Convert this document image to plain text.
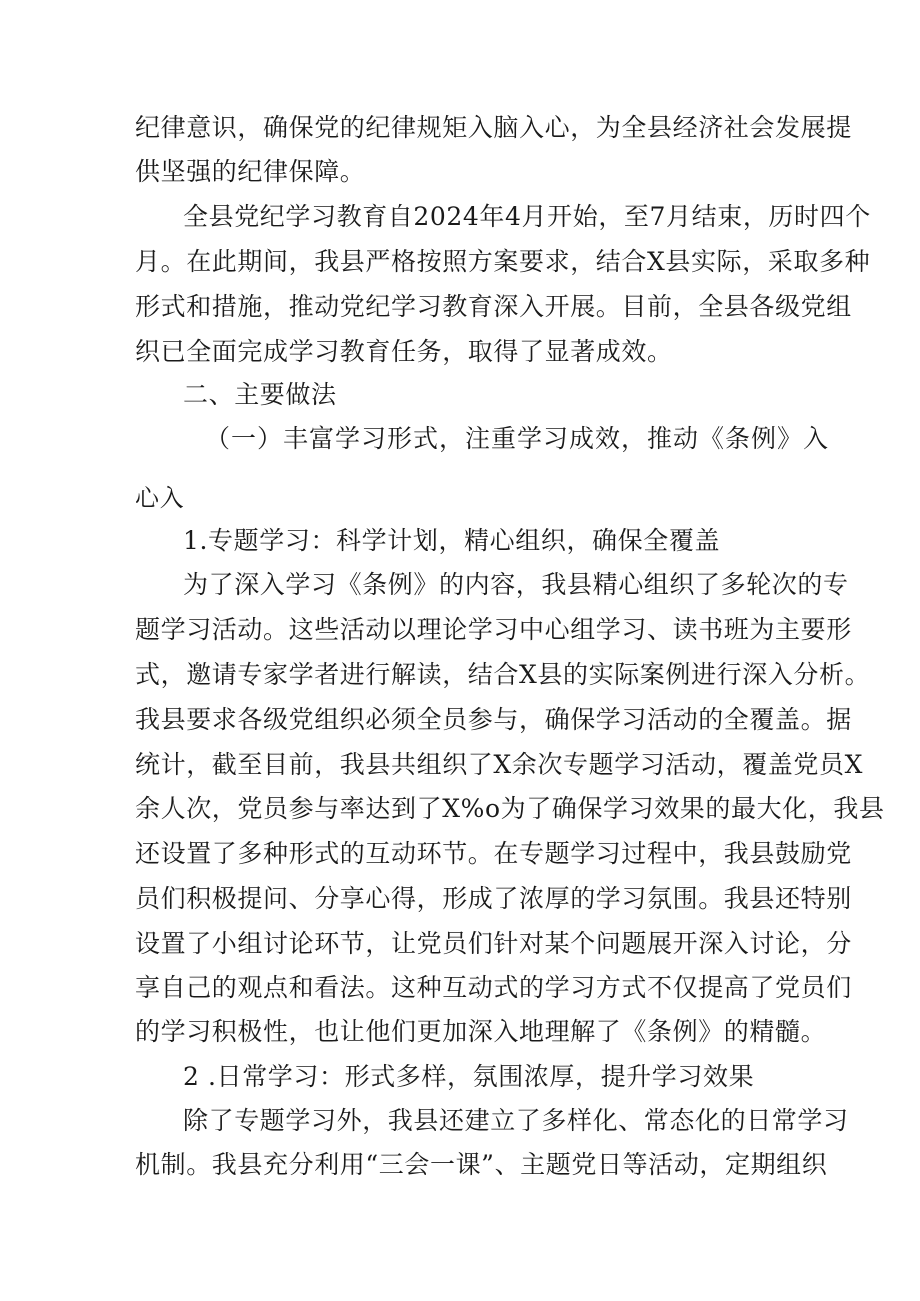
纪律意识，确保党的纪律规矩入脑入心，为全县经济社会发展提
供坚强的纪律保障。
全县党纪学习教育自2024年4月开始，至7月结束，历时四个
月。在此期间，我县严格按照方案要求，结合X县实际，采取多种
形式和措施，推动党纪学习教育深入开展。目前，全县各级党组
织已全面完成学习教育任务，取得了显著成效。
二、主要做法
（一）丰富学习形式，注重学习成效，推动《条例》入
心入
1.专题学习：科学计划，精心组织，确保全覆盖
为了深入学习《条例》的内容，我县精心组织了多轮次的专
题学习活动。这些活动以理论学习中心组学习、读书班为主要形
式，邀请专家学者进行解读，结合X县的实际案例进行深入分析。
我县要求各级党组织必须全员参与，确保学习活动的全覆盖。据
统计，截至目前，我县共组织了X余次专题学习活动，覆盖党员X
余人次，党员参与率达到了X%o为了确保学习效果的最大化，我县
还设置了多种形式的互动环节。在专题学习过程中，我县鼓励党
员们积极提问、分享心得，形成了浓厚的学习氛围。我县还特别
设置了小组讨论环节，让党员们针对某个问题展开深入讨论，分
享自己的观点和看法。这种互动式的学习方式不仅提高了党员们
的学习积极性，也让他们更加深入地理解了《条例》的精髓。
2 .日常学习：形式多样，氛围浓厚，提升学习效果
除了专题学习外，我县还建立了多样化、常态化的日常学习
机制。我县充分利用“三会一课”、主题党日等活动，定期组织
